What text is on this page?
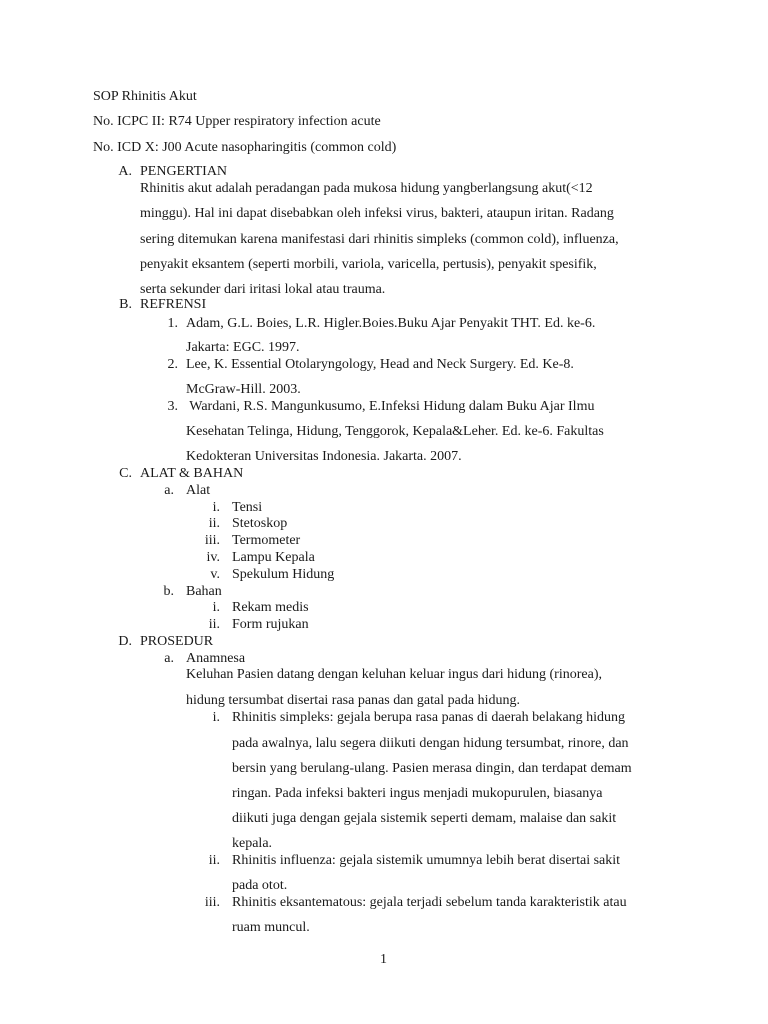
SOP Rhinitis Akut
No. ICPC II: R74 Upper respiratory infection acute
No. ICD X: J00 Acute nasopharingitis (common cold)
A. PENGERTIAN
Rhinitis akut adalah peradangan pada mukosa hidung yangberlangsung akut(<12
minggu). Hal ini dapat disebabkan oleh infeksi virus, bakteri, ataupun iritan. Radang
sering ditemukan karena manifestasi dari rhinitis simpleks (common cold), influenza,
penyakit eksantem (seperti morbili, variola, varicella, pertusis), penyakit spesifik,
serta sekunder dari iritasi lokal atau trauma.
B. REFRENSI
1. Adam, G.L. Boies, L.R. Higler.Boies.Buku Ajar Penyakit THT. Ed. ke-6.
Jakarta: EGC. 1997.
2. Lee, K. Essential Otolaryngology, Head and Neck Surgery. Ed. Ke-8.
McGraw-Hill. 2003.
3. Wardani, R.S. Mangunkusumo, E.Infeksi Hidung dalam Buku Ajar Ilmu
Kesehatan Telinga, Hidung, Tenggorok, Kepala&Leher. Ed. ke-6. Fakultas
Kedokteran Universitas Indonesia. Jakarta. 2007.
C. ALAT & BAHAN
a. Alat
i. Tensi
ii. Stetoskop
iii. Termometer
iv. Lampu Kepala
v. Spekulum Hidung
b. Bahan
i. Rekam medis
ii. Form rujukan
D. PROSEDUR
a. Anamnesa
Keluhan Pasien datang dengan keluhan keluar ingus dari hidung (rinorea),
hidung tersumbat disertai rasa panas dan gatal pada hidung.
i. Rhinitis simpleks: gejala berupa rasa panas di daerah belakang hidung
pada awalnya, lalu segera diikuti dengan hidung tersumbat, rinore, dan
bersin yang berulang-ulang. Pasien merasa dingin, dan terdapat demam
ringan. Pada infeksi bakteri ingus menjadi mukopurulen, biasanya
diikuti juga dengan gejala sistemik seperti demam, malaise dan sakit
kepala.
ii. Rhinitis influenza: gejala sistemik umumnya lebih berat disertai sakit
pada otot.
iii. Rhinitis eksantematous: gejala terjadi sebelum tanda karakteristik atau
ruam muncul.
1
